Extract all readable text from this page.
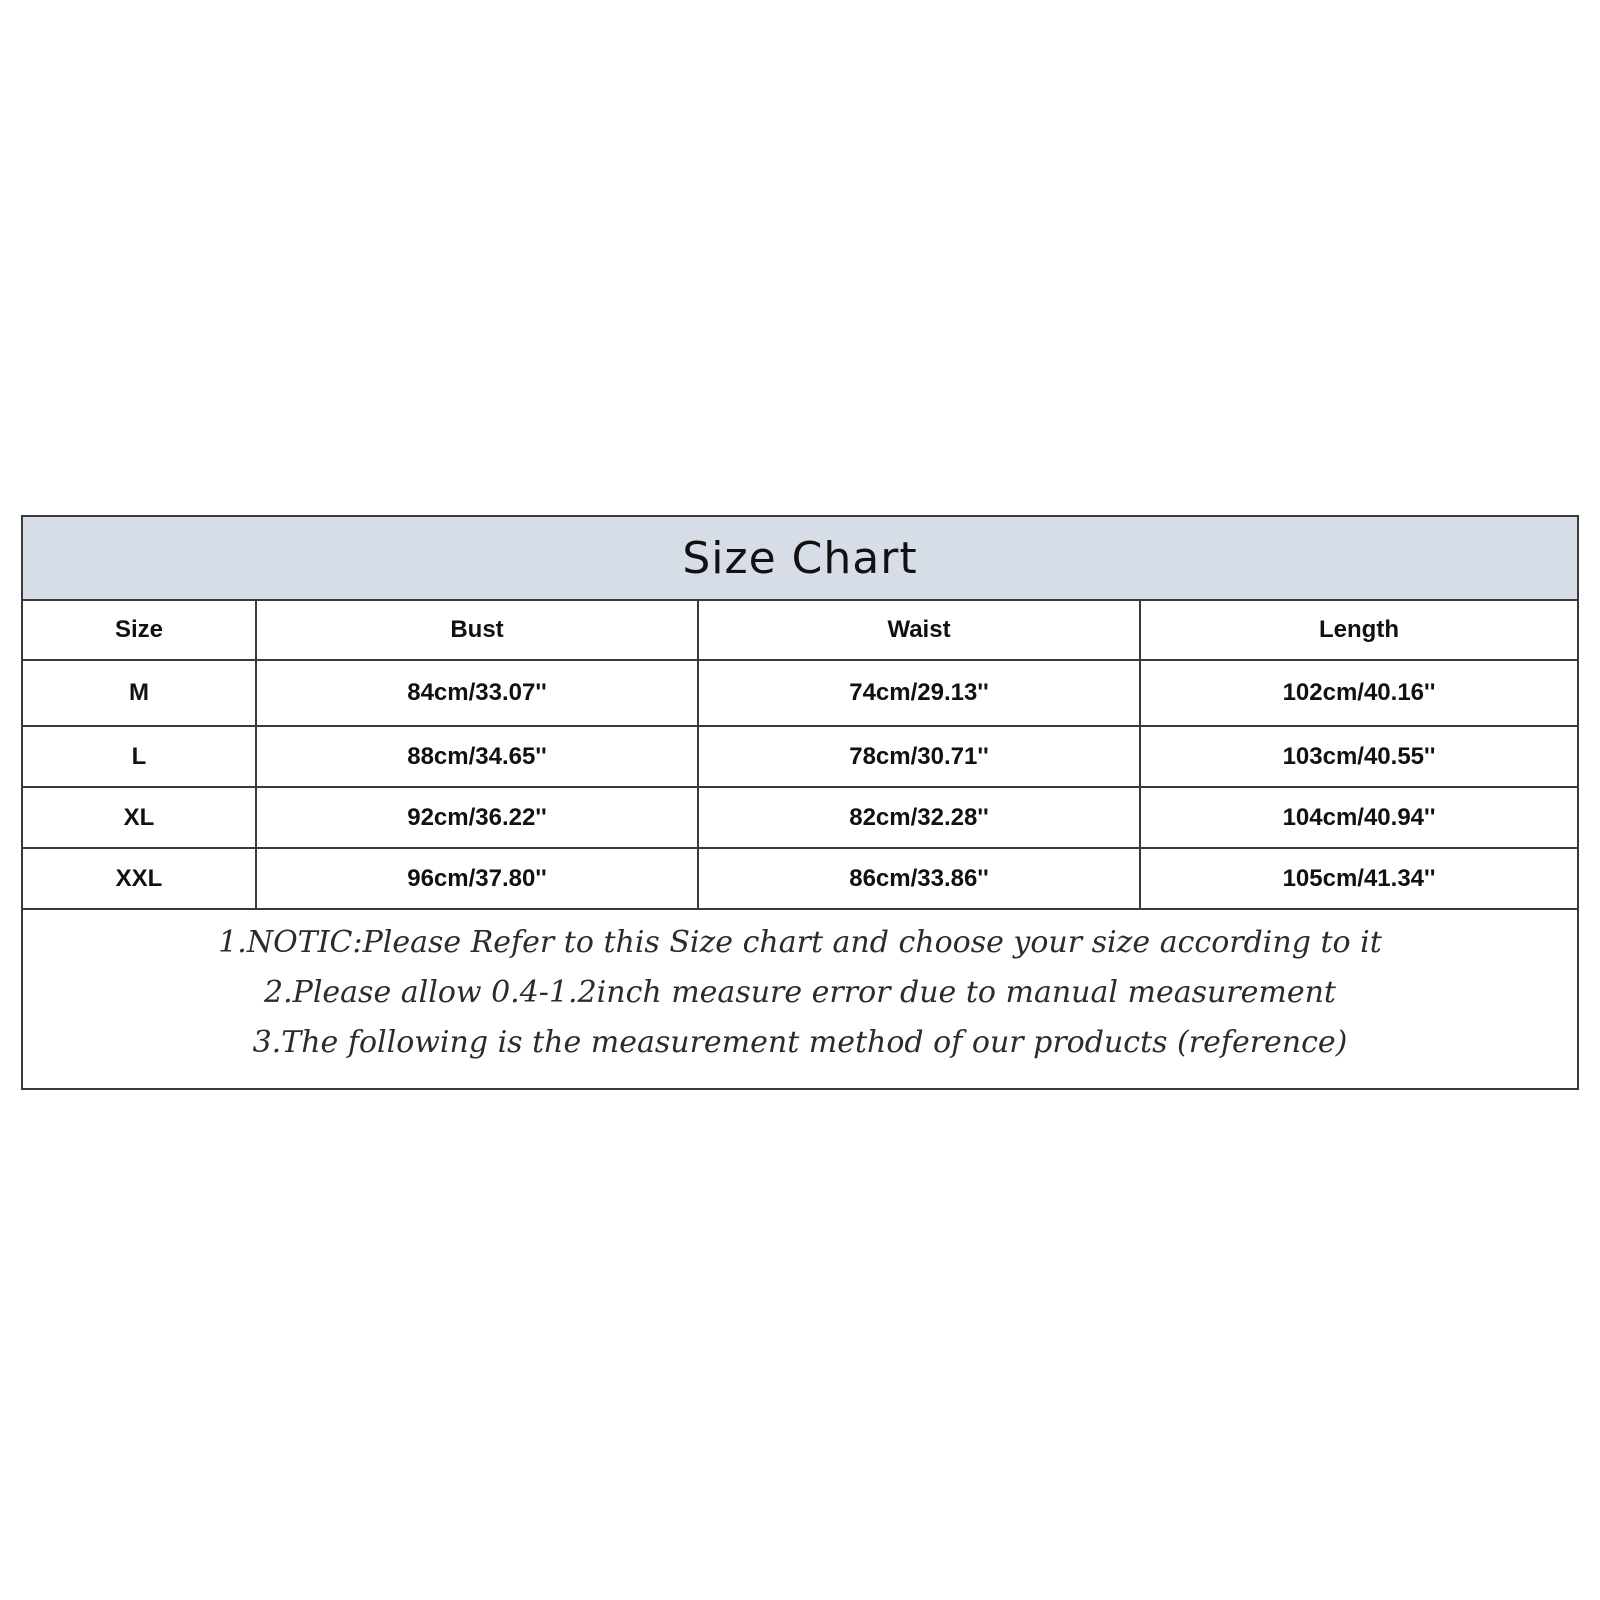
Size Chart
Size	Bust	Waist	Length
M	84cm/33.07''	74cm/29.13''	102cm/40.16''
L	88cm/34.65''	78cm/30.71''	103cm/40.55''
XL	92cm/36.22''	82cm/32.28''	104cm/40.94''
XXL	96cm/37.80''	86cm/33.86''	105cm/41.34''
1.NOTIC:Please Refer to this Size chart and choose your size according to it
2.Please allow 0.4-1.2inch measure error due to manual measurement
3.The following is the measurement method of our products (reference)
